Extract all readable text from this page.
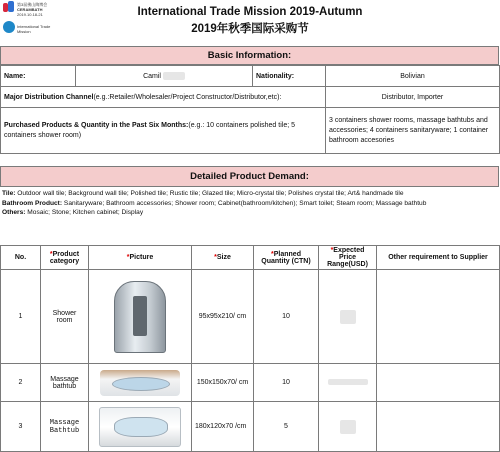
第3届佛山陶博会
CERAMBATH
2019.10.18-21
International Trade Mission
International Trade Mission 2019-Autumn
2019年秋季国际采购节
Basic Information:
Name:	Camil	Nationality:	Bolivian
Major Distribution Channel(e.g.:Retailer/Wholesaler/Project Constructor/Distributor,etc):			Distributor, Importer
Purchased Products & Quantity in the Past Six Months:(e.g.: 10 containers polished tile; 5 containers shower room)			3 containers shower rooms, massage bathtubs and accessories; 4 containers sanitaryware; 1 container bathroom accesories
Detailed Product Demand:
Tile: Outdoor wall tile; Background wall tile; Polished tile; Rustic tile; Glazed tile; Micro-crystal tile; Polishes crystal tile; Art& handmade tile
Bathroom Product: Sanitaryware; Bathroom accessories; Shower room; Cabinet(bathroom/kitchen); Smart toilet; Steam room; Massage bathtub
Others: Mosaic; Stone; Kitchen cabinet; Display
No.	*Product category	*Picture	*Size	*Planned Quantity (CTN)	*Expected Price Range(USD)	Other requirement to Supplier
1	Shower room		95x95x210/ cm	10		
2	Massage bathtub		150x150x70/ cm	10		
3	Massage Bathtub		180x120x70 /cm	5		
